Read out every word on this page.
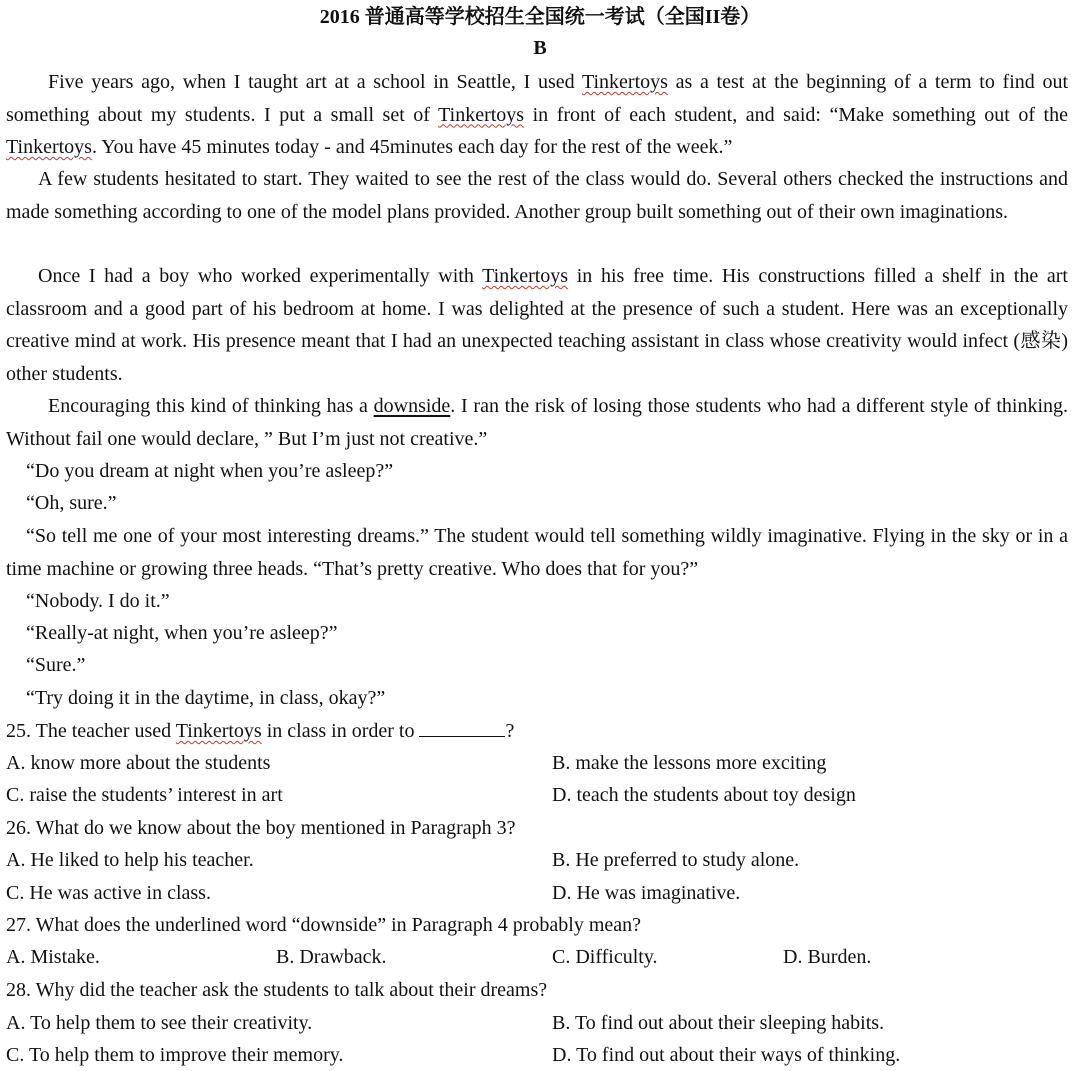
2016 普通高等学校招生全国统一考试（全国II卷）
B

Five years ago, when I taught art at a school in Seattle, I used Tinkertoys as a test at the beginning of a term to find out something about my students. I put a small set of Tinkertoys in front of each student, and said: “Make something out of the Tinkertoys. You have 45 minutes today - and 45minutes each day for the rest of the week.”

A few students hesitated to start. They waited to see the rest of the class would do. Several others checked the instructions and made something according to one of the model plans provided. Another group built something out of their own imaginations.

Once I had a boy who worked experimentally with Tinkertoys in his free time. His constructions filled a shelf in the art classroom and a good part of his bedroom at home. I was delighted at the presence of such a student. Here was an exceptionally creative mind at work. His presence meant that I had an unexpected teaching assistant in class whose creativity would infect (感染) other students.

Encouraging this kind of thinking has a downside. I ran the risk of losing those students who had a different style of thinking. Without fail one would declare, ” But I’m just not creative.”

“Do you dream at night when you’re asleep?”

“Oh, sure.”

“So tell me one of your most interesting dreams.” The student would tell something wildly imaginative. Flying in the sky or in a time machine or growing three heads. “That’s pretty creative. Who does that for you?”

“Nobody. I do it.”

“Really-at night, when you’re asleep?”

“Sure.”

“Try doing it in the daytime, in class, okay?”

25. The teacher used Tinkertoys in class in order to	?

A. know more about the students	B. make the lessons more exciting

C. raise the students’ interest in art	D. teach the students about toy design

26. What do we know about the boy mentioned in Paragraph 3?

A. He liked to help his teacher.	B. He preferred to study alone.

C. He was active in class.	D. He was imaginative.

27. What does the underlined word “downside” in Paragraph 4 probably mean?

A. Mistake.	B. Drawback.	C. Difficulty.	D. Burden.

28. Why did the teacher ask the students to talk about their dreams?

A. To help them to see their creativity.	B. To find out about their sleeping habits.

C. To help them to improve their memory.	D. To find out about their ways of thinking.
